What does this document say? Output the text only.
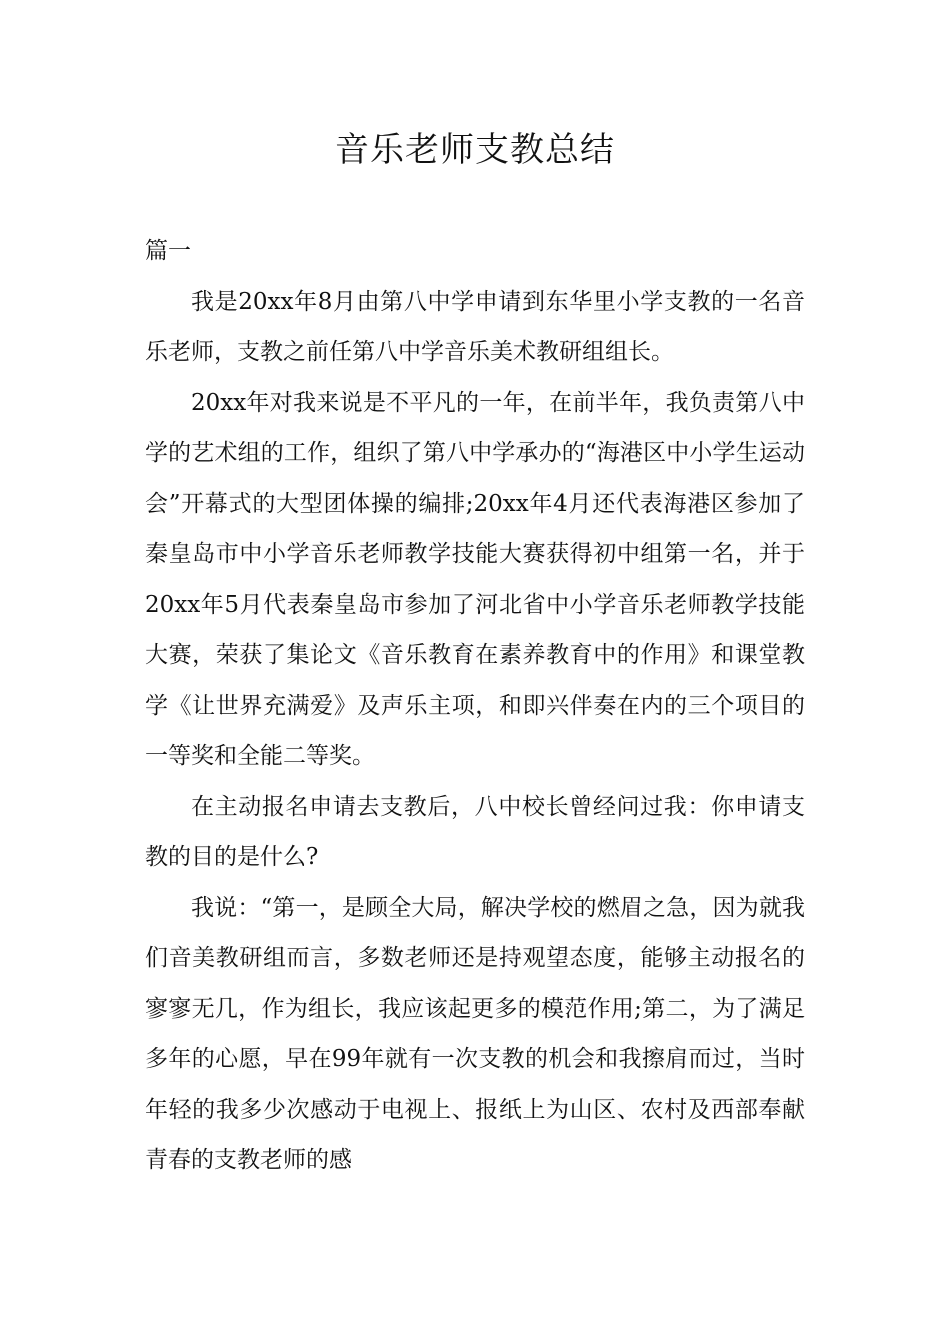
音乐老师支教总结

篇一

我是20xx年8月由第八中学申请到东华里小学支教的一名音乐老师，支教之前任第八中学音乐美术教研组组长。

20xx年对我来说是不平凡的一年，在前半年，我负责第八中学的艺术组的工作，组织了第八中学承办的“海港区中小学生运动会”开幕式的大型团体操的编排;20xx年4月还代表海港区参加了秦皇岛市中小学音乐老师教学技能大赛获得初中组第一名，并于20xx年5月代表秦皇岛市参加了河北省中小学音乐老师教学技能大赛，荣获了集论文《音乐教育在素养教育中的作用》和课堂教学《让世界充满爱》及声乐主项，和即兴伴奏在内的三个项目的一等奖和全能二等奖。

在主动报名申请去支教后，八中校长曾经问过我：你申请支教的目的是什么?

我说：“第一，是顾全大局，解决学校的燃眉之急，因为就我们音美教研组而言，多数老师还是持观望态度，能够主动报名的寥寥无几，作为组长，我应该起更多的模范作用;第二，为了满足多年的心愿，早在99年就有一次支教的机会和我擦肩而过，当时年轻的我多少次感动于电视上、报纸上为山区、农村及西部奉献青春的支教老师的感
